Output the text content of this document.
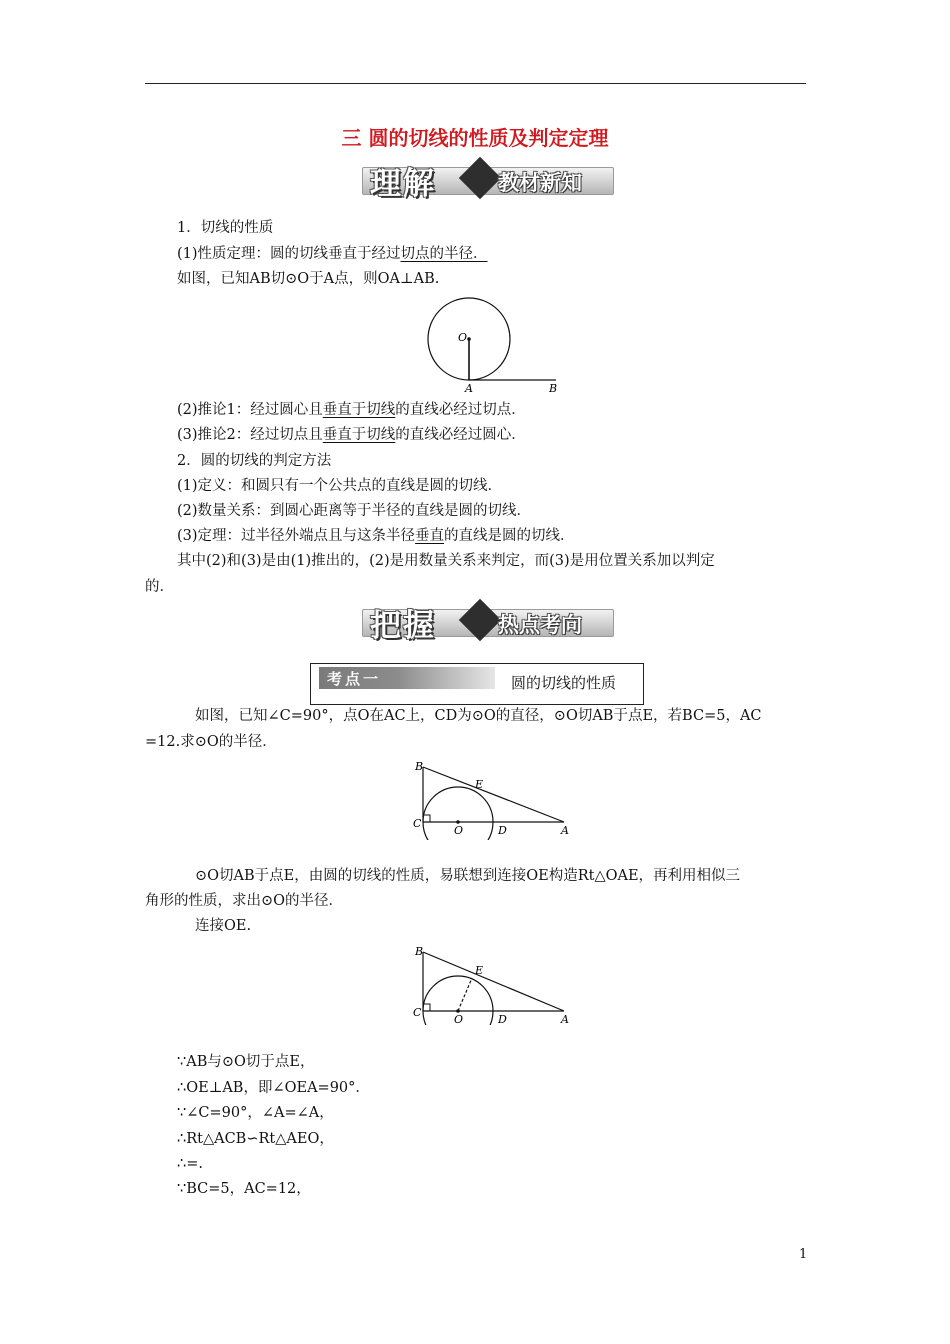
三 圆的切线的性质及判定定理
理解	教材新知
1．切线的性质
(1)性质定理：圆的切线垂直于经过切点的半径．
如图，已知AB切⊙O于A点，则OA⊥AB.
O
A	B
(2)推论1：经过圆心且垂直于切线的直线必经过切点．
(3)推论2：经过切点且垂直于切线的直线必经过圆心．
2．圆的切线的判定方法
(1)定义：和圆只有一个公共点的直线是圆的切线．
(2)数量关系：到圆心距离等于半径的直线是圆的切线．
(3)定理：过半径外端点且与这条半径垂直的直线是圆的切线．
其中(2)和(3)是由(1)推出的，(2)是用数量关系来判定，而(3)是用位置关系加以判定
的．
把握	热点考向
考点一	圆的切线的性质
如图，已知∠C=90°，点O在AC上，CD为⊙O的直径，⊙O切AB于点E，若BC=5，AC
=12.求⊙O的半径．
B
E
C
O	D	A
⊙O切AB于点E，由圆的切线的性质，易联想到连接OE构造Rt△OAE，再利用相似三
角形的性质，求出⊙O的半径．
连接OE.
B
E
C
O	D	A
∵AB与⊙O切于点E，
∴OE⊥AB，即∠OEA=90°．
∵∠C=90°，∠A=∠A，
∴Rt△ACB∽Rt△AEO，
∴=.
∵BC=5，AC=12，
1
